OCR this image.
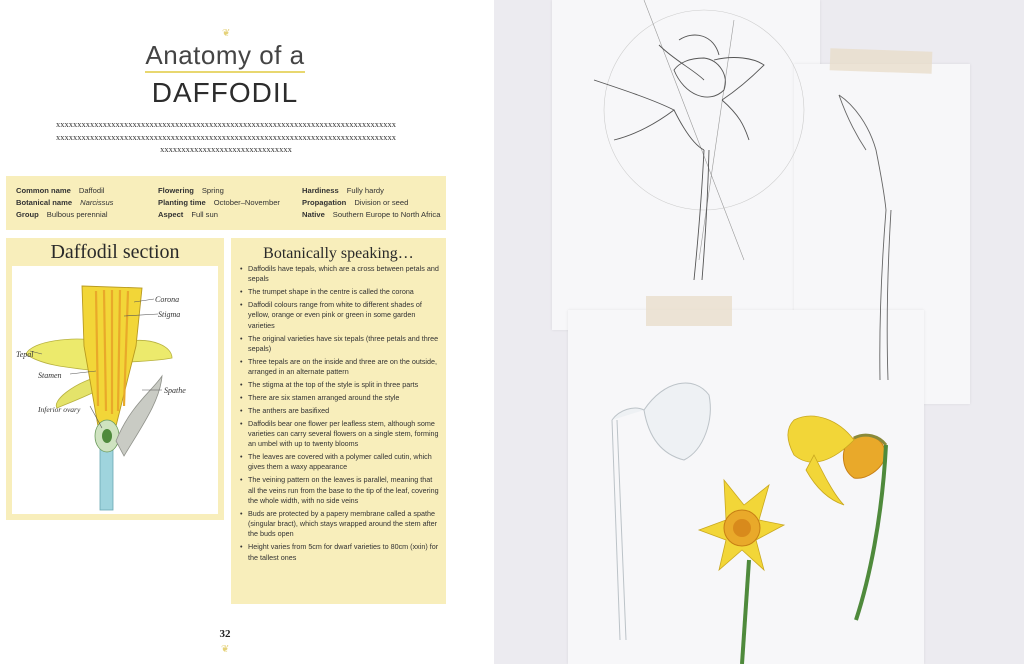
❦
Anatomy of a
DAFFODIL
xxxxxxxxxxxxxxxxxxxxxxxxxxxxxxxxxxxxxxxxxxxxxxxxxxxxxxxxxxxxxxxxxxxxxxxxxxxxxxxxxxxxxxxxxxxxxxxxxxxxxxxxxxxxxxxxxxxxxxxxxxxxxxxxxxxxxxxxxxxxxxxxxxxxxxxxxxxxxxxxxxxxxxxxxxxxxxxxxxxxxxxxxxxxxxx
Common name Daffodil
Botanical name Narcissus
Group Bulbous perennial
Flowering Spring
Planting time October–November
Aspect Full sun
Hardiness Fully hardy
Propagation Division or seed
Native Southern Europe to North Africa
Daffodil section
Corona
Stigma
Tepal
Stamen
Spathe
Inferior ovary
Botanically speaking…
• Daffodils have tepals, which are a cross between petals and sepals
• The trumpet shape in the centre is called the corona
• Daffodil colours range from white to different shades of yellow, orange or even pink or green in some garden varieties
• The original varieties have six tepals (three petals and three sepals)
• Three tepals are on the inside and three are on the outside, arranged in an alternate pattern
• The stigma at the top of the style is split in three parts
• There are six stamen arranged around the style
• The anthers are basifixed
• Daffodils bear one flower per leafless stem, although some varieties can carry several flowers on a single stem, forming an umbel with up to twenty blooms
• The leaves are covered with a polymer called cutin, which gives them a waxy appearance
• The veining pattern on the leaves is parallel, meaning that all the veins run from the base to the tip of the leaf, covering the whole width, with no side veins
• Buds are protected by a papery membrane called a spathe (singular bract), which stays wrapped around the stem after the buds open
• Height varies from 5cm for dwarf varieties to 80cm (xxin) for the tallest ones
32
❦
